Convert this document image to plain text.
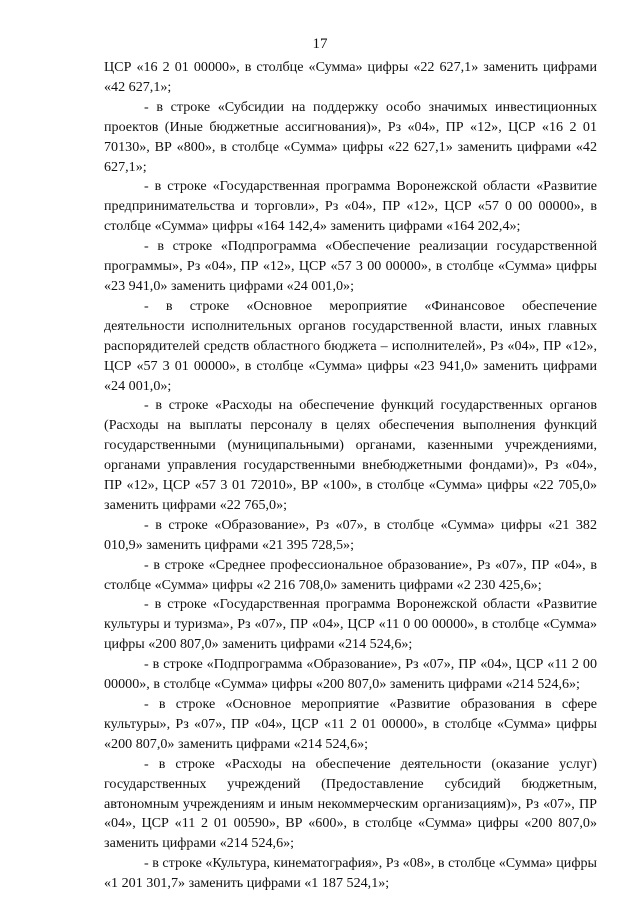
17

ЦСР «16 2 01 00000», в столбце «Сумма» цифры «22 627,1» заменить цифрами «42 627,1»;

- в строке «Субсидии на поддержку особо значимых инвестиционных проектов (Иные бюджетные ассигнования)», Рз «04», ПР «12», ЦСР «16 2 01 70130», ВР «800», в столбце «Сумма» цифры «22 627,1» заменить цифрами «42 627,1»;

- в строке «Государственная программа Воронежской области «Развитие предпринимательства и торговли», Рз «04», ПР «12», ЦСР «57 0 00 00000», в столбце «Сумма» цифры «164 142,4» заменить цифрами «164 202,4»;

- в строке «Подпрограмма «Обеспечение реализации государственной программы», Рз «04», ПР «12», ЦСР «57 3 00 00000», в столбце «Сумма» цифры «23 941,0» заменить цифрами «24 001,0»;

- в строке «Основное мероприятие «Финансовое обеспечение деятельности исполнительных органов государственной власти, иных главных распорядителей средств областного бюджета – исполнителей», Рз «04», ПР «12», ЦСР «57 3 01 00000», в столбце «Сумма» цифры «23 941,0» заменить цифрами «24 001,0»;

- в строке «Расходы на обеспечение функций государственных органов (Расходы на выплаты персоналу в целях обеспечения выполнения функций государственными (муниципальными) органами, казенными учреждениями, органами управления государственными внебюджетными фондами)», Рз «04», ПР «12», ЦСР «57 3 01 72010», ВР «100», в столбце «Сумма» цифры «22 705,0» заменить цифрами «22 765,0»;

- в строке «Образование», Рз «07», в столбце «Сумма» цифры «21 382 010,9» заменить цифрами «21 395 728,5»;

- в строке «Среднее профессиональное образование», Рз «07», ПР «04», в столбце «Сумма» цифры «2 216 708,0» заменить цифрами «2 230 425,6»;

- в строке «Государственная программа Воронежской области «Развитие культуры и туризма», Рз «07», ПР «04», ЦСР «11 0 00 00000», в столбце «Сумма» цифры «200 807,0» заменить цифрами «214 524,6»;

- в строке «Подпрограмма «Образование», Рз «07», ПР «04», ЦСР «11 2 00 00000», в столбце «Сумма» цифры «200 807,0» заменить цифрами «214 524,6»;

- в строке «Основное мероприятие «Развитие образования в сфере культуры», Рз «07», ПР «04», ЦСР «11 2 01 00000», в столбце «Сумма» цифры «200 807,0» заменить цифрами «214 524,6»;

- в строке «Расходы на обеспечение деятельности (оказание услуг) государственных учреждений (Предоставление субсидий бюджетным, автономным учреждениям и иным некоммерческим организациям)», Рз «07», ПР «04», ЦСР «11 2 01 00590», ВР «600», в столбце «Сумма» цифры «200 807,0» заменить цифрами «214 524,6»;

- в строке «Культура, кинематография», Рз «08», в столбце «Сумма» цифры «1 201 301,7» заменить цифрами «1 187 524,1»;
